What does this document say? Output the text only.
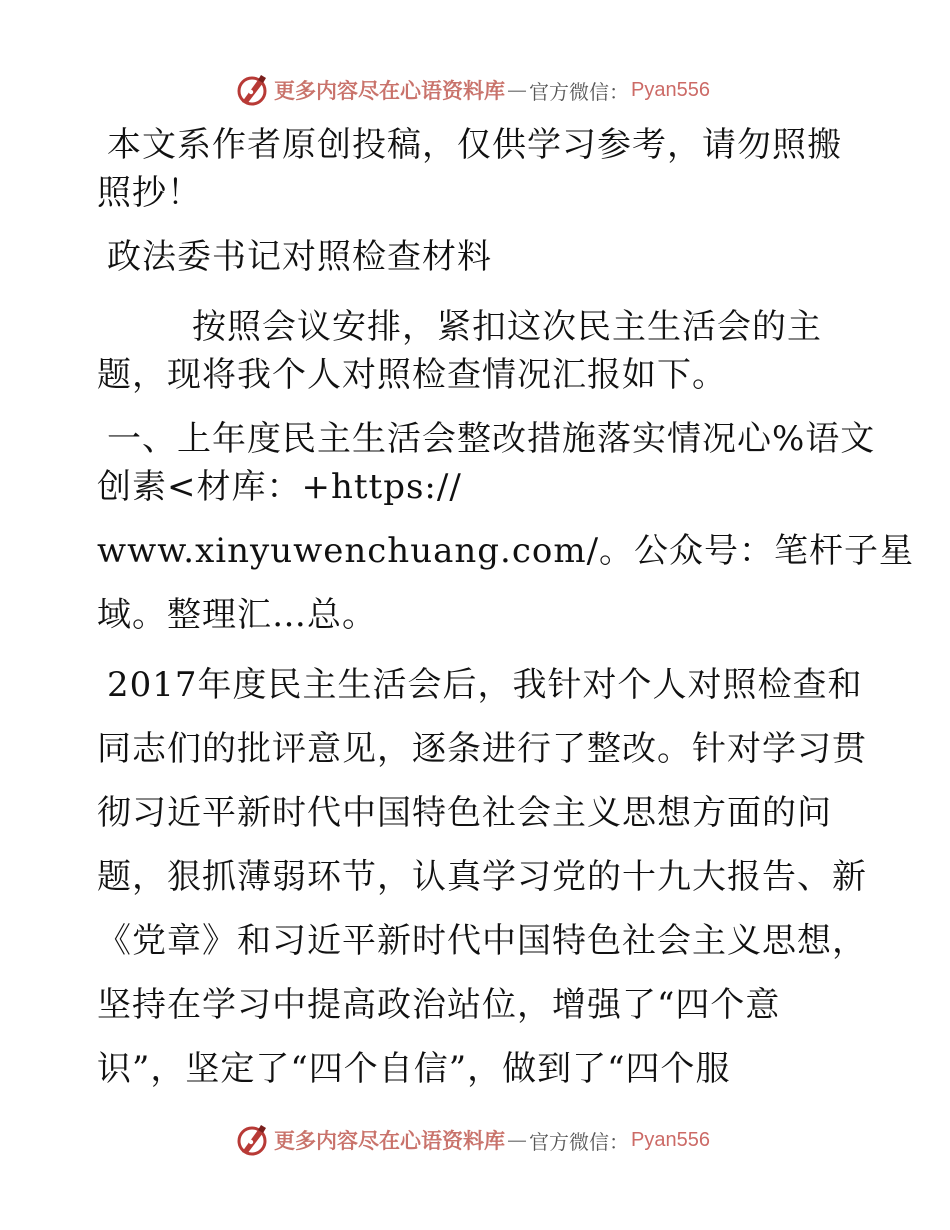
更多内容尽在心语资料库 — 官方微信： Pyan556
本文系作者原创投稿，仅供学习参考，请勿照搬
照抄！
政法委书记对照检查材料
按照会议安排，紧扣这次民主生活会的主
题，现将我个人对照检查情况汇报如下。
一、上年度民主生活会整改措施落实情况心%语文
创素<材库：+https://
www.xinyuwenchuang.com/。公众号：笔杆子星
域。整理汇…总。
2017年度民主生活会后，我针对个人对照检查和
同志们的批评意见，逐条进行了整改。针对学习贯
彻习近平新时代中国特色社会主义思想方面的问
题，狠抓薄弱环节，认真学习党的十九大报告、新
《党章》和习近平新时代中国特色社会主义思想，
坚持在学习中提高政治站位，增强了“四个意
识”，坚定了“四个自信”，做到了“四个服
更多内容尽在心语资料库 — 官方微信： Pyan556
